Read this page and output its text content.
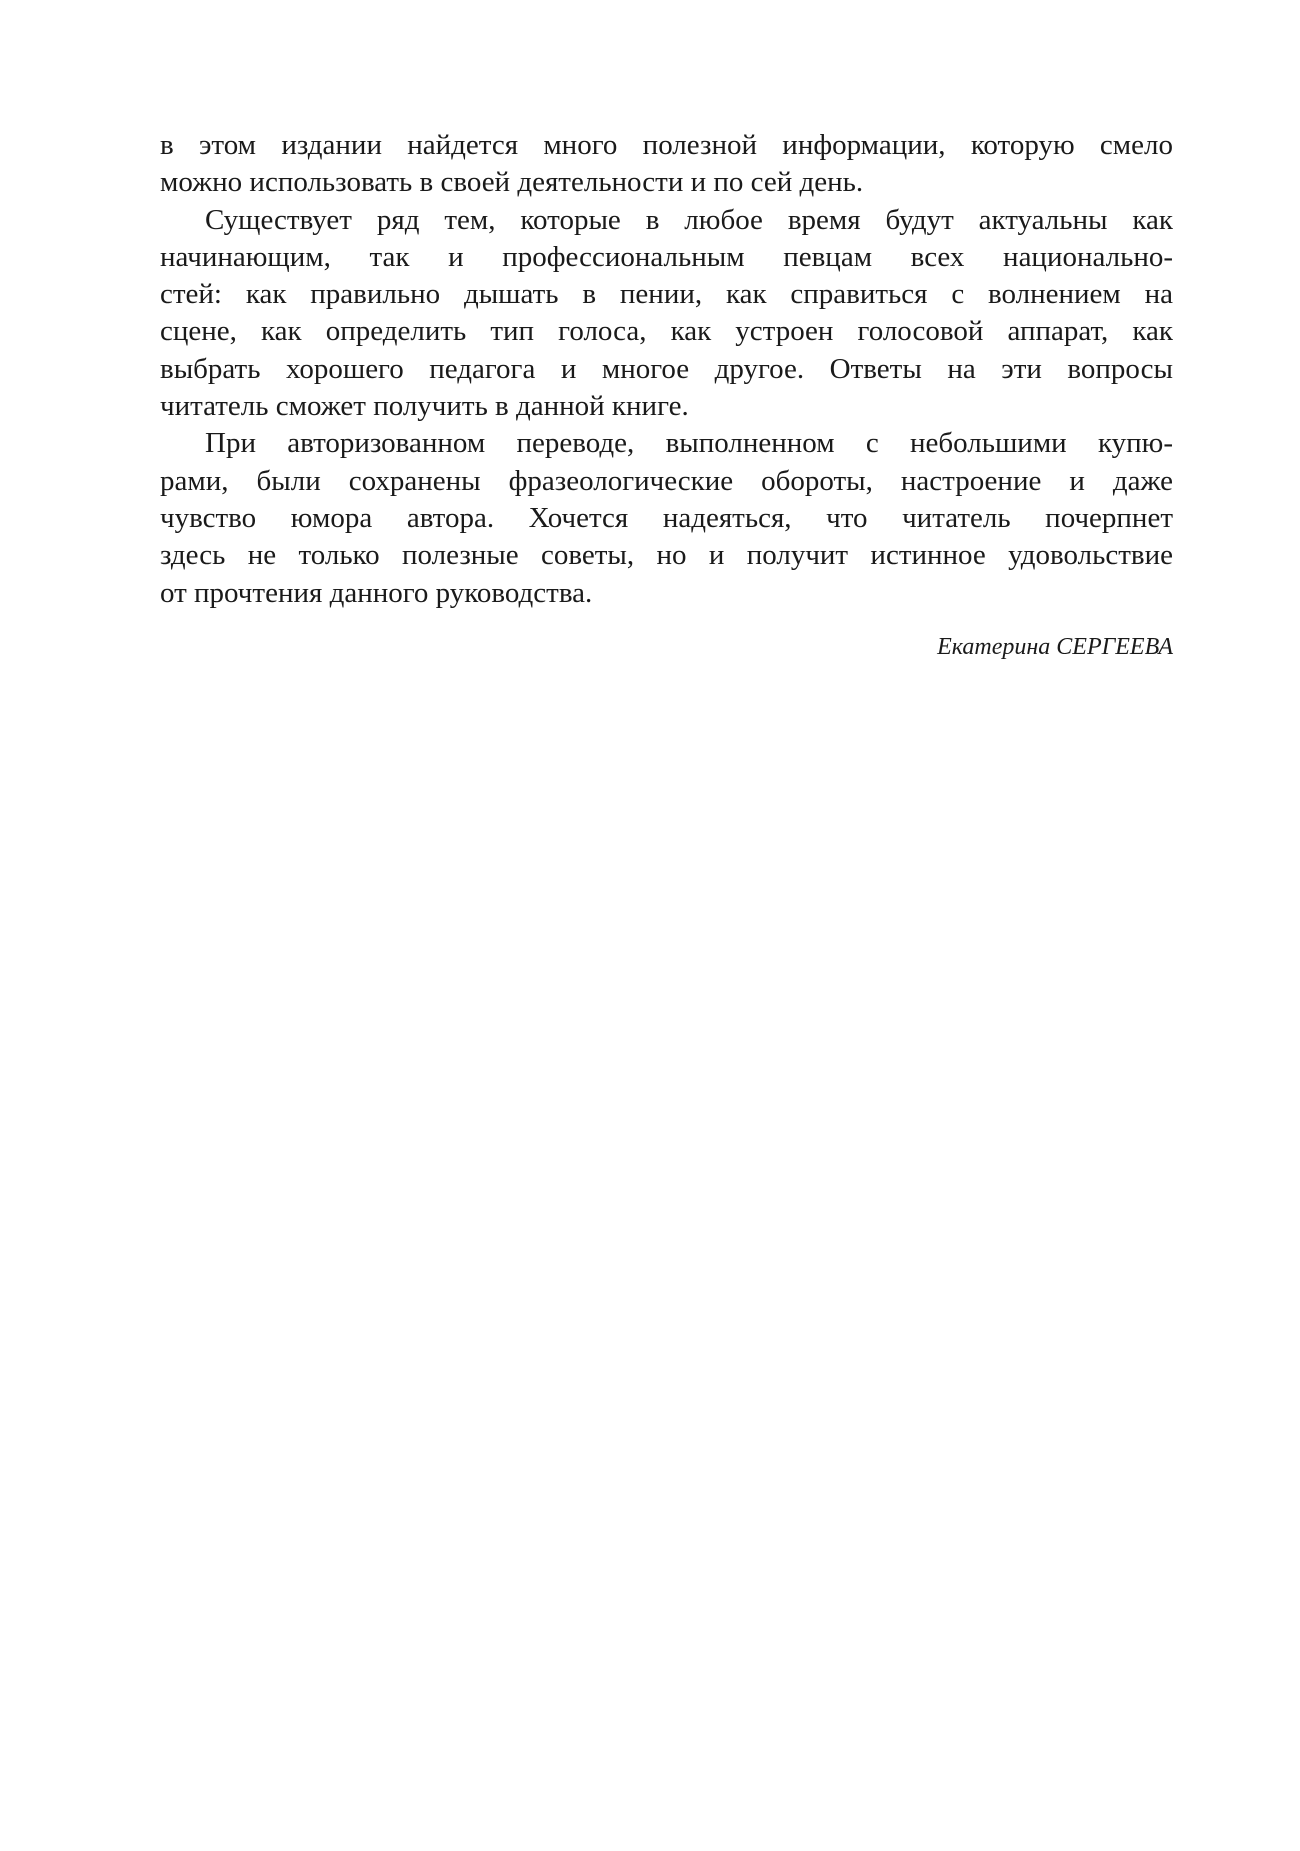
в этом издании найдется много полезной информации, которую смело
можно использовать в своей деятельности и по сей день.
Существует ряд тем, которые в любое время будут актуальны как
начинающим, так и профессиональным певцам всех национально-
стей: как правильно дышать в пении, как справиться с волнением на
сцене, как определить тип голоса, как устроен голосовой аппарат, как
выбрать хорошего педагога и многое другое. Ответы на эти вопросы
читатель сможет получить в данной книге.
При авторизованном переводе, выполненном с небольшими купю-
рами, были сохранены фразеологические обороты, настроение и даже
чувство юмора автора. Хочется надеяться, что читатель почерпнет
здесь не только полезные советы, но и получит истинное удовольствие
от прочтения данного руководства.
Екатерина СЕРГЕЕВА
